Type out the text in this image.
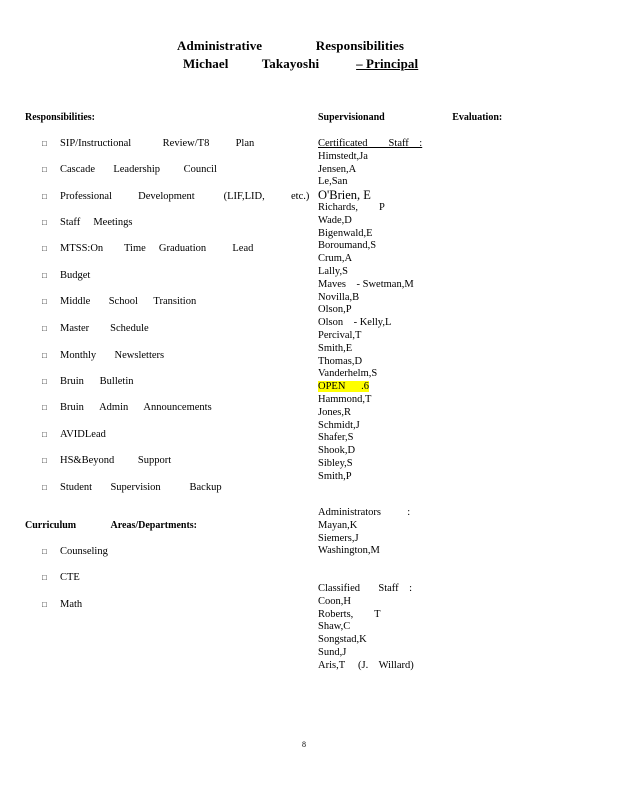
Administrative                Responsibilities
Michael          Takayoshi           – Principal
Responsibilities:
□ SIP/Instructional            Review/T8          Plan
□ Cascade       Leadership         Council
□ Professional          Development           (LIF,LID,          etc.)
□ Staff     Meetings
□ MTSS:On        Time     Graduation          Lead
□ Budget
□ Middle       School      Transition
□ Master        Schedule
□ Monthly       Newsletters
□ Bruin      Bulletin
□ Bruin      Admin      Announcements
□ AVIDLead
□ HS&Beyond         Support
□ Student       Supervision           Backup
Curriculum              Areas/Departments:
□ Counseling
□ CTE
□ Math
Supervisionand                           Evaluation:
Certificated        Staff    :
Himstedt,Ja
Jensen,A
Le,San
O'Brien, E
Richards,        P
Wade,D
Bigenwald,E
Boroumand,S
Crum,A
Lally,S
Maves    - Swetman,M
Novilla,B
Olson,P
Olson    - Kelly,L
Percival,T
Smith,E
Thomas,D
Vanderhelm,S
OPEN      .6
Hammond,T
Jones,R
Schmidt,J
Shafer,S
Shook,D
Sibley,S
Smith,P
Administrators          :
Mayan,K
Siemers,J
Washington,M
Classified       Staff    :
Coon,H
Roberts,        T
Shaw,C
Songstad,K
Sund,J
Aris,T     (J.    Willard)
8
